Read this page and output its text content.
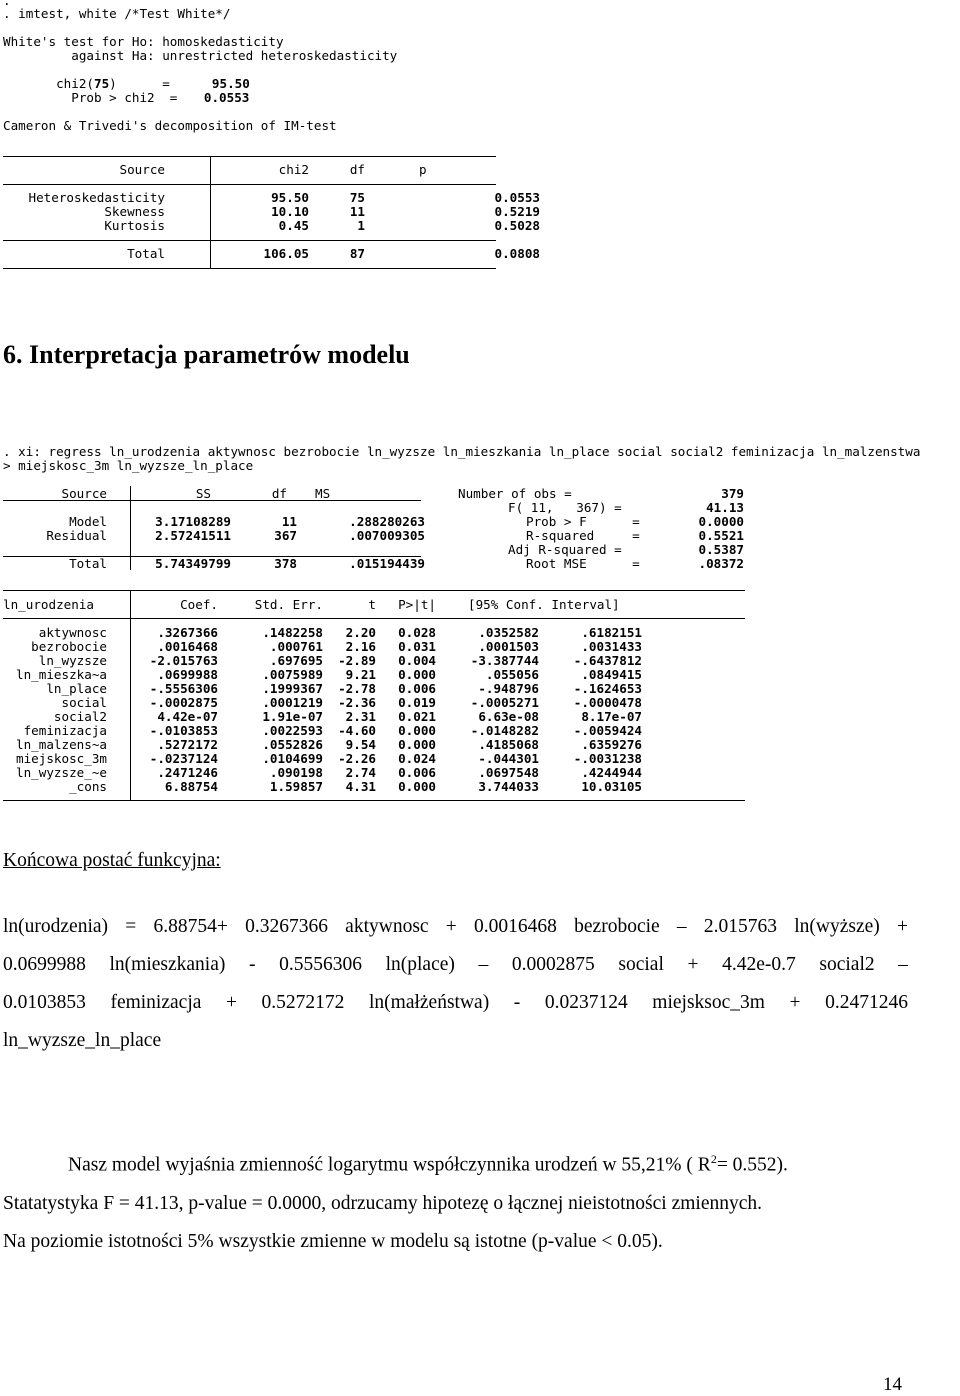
.
. imtest, white /*Test White*/
White's test for Ho: homoskedasticity
against Ha: unrestricted heteroskedasticity
chi2(75)      =	95.50
Prob > chi2  = 0.0553
Cameron & Trivedi's decomposition of IM-test
Source		chi2	df	p

Heteroskedasticity		95.50	75	0.0553
Skewness		10.10	11	0.5219
Kurtosis		0.45	1	0.5028

Total		106.05	87	0.0808
6. Interpretacja parametrów modelu
. xi: regress ln_urodzenia aktywnosc bezrobocie ln_wyzsze ln_mieszkania ln_place social social2 feminizacja ln_malzenstwa
> miejskosc_3m ln_wyzsze_ln_place
Source		SS	df	MS

Model		3.17108289	11	.288280263
Residual		2.57241511	367	.007009305

Total		5.74349799	378	.015194439
Number of obs =	379
F( 11,   367) =	41.13
Prob > F      =	0.0000
R-squared     =	0.5521
Adj R-squared =	0.5387
Root MSE      =	.08372
ln_urodzenia		Coef.	Std. Err.	t	P>|t|	[95% Conf. Interval]

aktywnosc		.3267366	.1482258	2.20	0.028	.0352582	.6182151
bezrobocie		.0016468	.000761	2.16	0.031	.0001503	.0031433
ln_wyzsze		-2.015763	.697695	-2.89	0.004	-3.387744	-.6437812
ln_mieszka~a		.0699988	.0075989	9.21	0.000	.055056	.0849415
ln_place		-.5556306	.1999367	-2.78	0.006	-.948796	-.1624653
social		-.0002875	.0001219	-2.36	0.019	-.0005271	-.0000478
social2		4.42e-07	1.91e-07	2.31	0.021	6.63e-08	8.17e-07
feminizacja		-.0103853	.0022593	-4.60	0.000	-.0148282	-.0059424
ln_malzens~a		.5272172	.0552826	9.54	0.000	.4185068	.6359276
miejskosc_3m		-.0237124	.0104699	-2.26	0.024	-.044301	-.0031238
ln_wyzsze_~e		.2471246	.090198	2.74	0.006	.0697548	.4244944
_cons		6.88754	1.59857	4.31	0.000	3.744033	10.03105
Końcowa postać funkcyjna:
ln(urodzenia) = 6.88754+ 0.3267366 aktywnosc + 0.0016468 bezrobocie – 2.015763 ln(wyższe) +
0.0699988 ln(mieszkania) - 0.5556306 ln(place) – 0.0002875 social + 4.42e-0.7 social2 –
0.0103853 feminizacja + 0.5272172 ln(małżeństwa) - 0.0237124 miejsksoc_3m + 0.2471246
ln_wyzsze_ln_place
Nasz model wyjaśnia zmienność logarytmu współczynnika urodzeń w 55,21% ( $R^2= 0.552$).
Statatystyka F = 41.13, p-value = 0.0000, odrzucamy hipotezę o łącznej nieistotności zmiennych.
Na poziomie istotności 5% wszystkie zmienne w modelu są istotne (p-value < 0.05).
14
